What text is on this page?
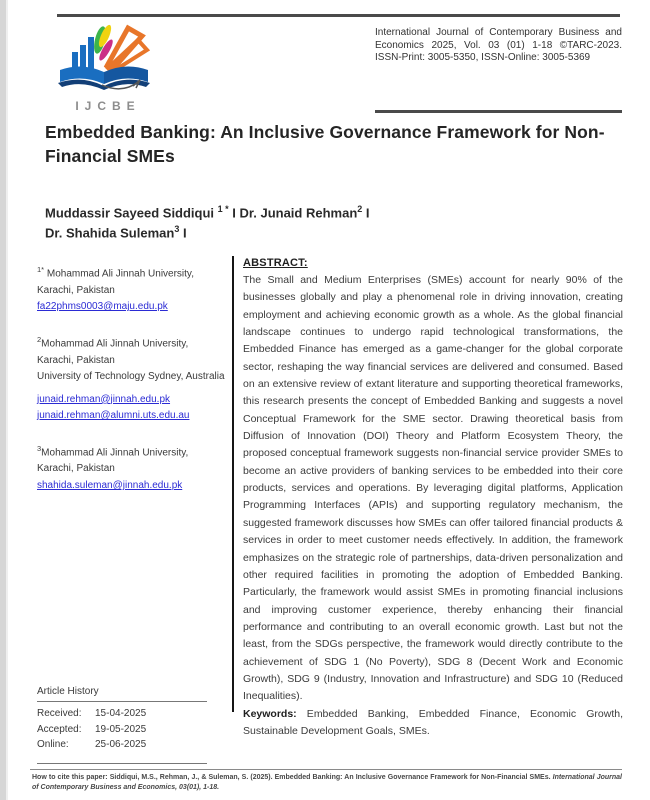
IJCBE
International Journal of Contemporary Business and Economics 2025, Vol. 03 (01) 1-18 ©TARC-2023. ISSN-Print: 3005-5350, ISSN-Online: 3005-5369
Embedded Banking: An Inclusive Governance Framework for Non-Financial SMEs
Muddassir Sayeed Siddiqui $^{1 *}$ I Dr. Junaid Rehman$^2$ I
Dr. Shahida Suleman$^3$ I
$^{1*}$ Mohammad Ali Jinnah University, Karachi, Pakistan
fa22phms0003@maju.edu.pk
$^2$Mohammad Ali Jinnah University, Karachi, Pakistan
University of Technology Sydney, Australia
junaid.rehman@jinnah.edu.pk
junaid.rehman@alumni.uts.edu.au
$^3$Mohammad Ali Jinnah University, Karachi, Pakistan
shahida.suleman@jinnah.edu.pk
Article History
Received:	15-04-2025
Accepted:	19-05-2025
Online:	25-06-2025

ABSTRACT:

The Small and Medium Enterprises (SMEs) account for nearly 90% of the businesses globally and play a phenomenal role in driving innovation, creating employment and achieving economic growth as a whole. As the global financial landscape continues to undergo rapid technological transformations, the Embedded Finance has emerged as a game-changer for the global corporate sector, reshaping the way financial services are delivered and consumed. Based on an extensive review of extant literature and supporting theoretical frameworks, this research presents the concept of Embedded Banking and suggests a novel Conceptual Framework for the SME sector. Drawing theoretical basis from Diffusion of Innovation (DOI) Theory and Platform Ecosystem Theory, the proposed conceptual framework suggests non-financial service provider SMEs to become an active providers of banking services to be embedded into their core products, services and operations. By leveraging digital platforms, Application Programming Interfaces (APIs) and supporting regulatory mechanism, the suggested framework discusses how SMEs can offer tailored financial products & services in order to meet customer needs effectively. In addition, the framework emphasizes on the strategic role of partnerships, data-driven personalization and other required facilities in promoting the adoption of Embedded Banking. Particularly, the framework would assist SMEs in promoting financial inclusions and improving customer experience, thereby enhancing their financial performance and contributing to an overall economic growth. Last but not the least, from the SDGs perspective, the framework would directly contribute to the achievement of SDG 1 (No Poverty), SDG 8 (Decent Work and Economic Growth), SDG 9 (Industry, Innovation and Infrastructure) and SDG 10 (Reduced Inequalities).

Keywords: Embedded Banking, Embedded Finance, Economic Growth, Sustainable Development Goals, SMEs.

How to cite this paper: Siddiqui, M.S., Rehman, J., & Suleman, S. (2025). Embedded Banking: An Inclusive Governance Framework for Non-Financial SMEs. International Journal of Contemporary Business and Economics, 03(01), 1-18.
